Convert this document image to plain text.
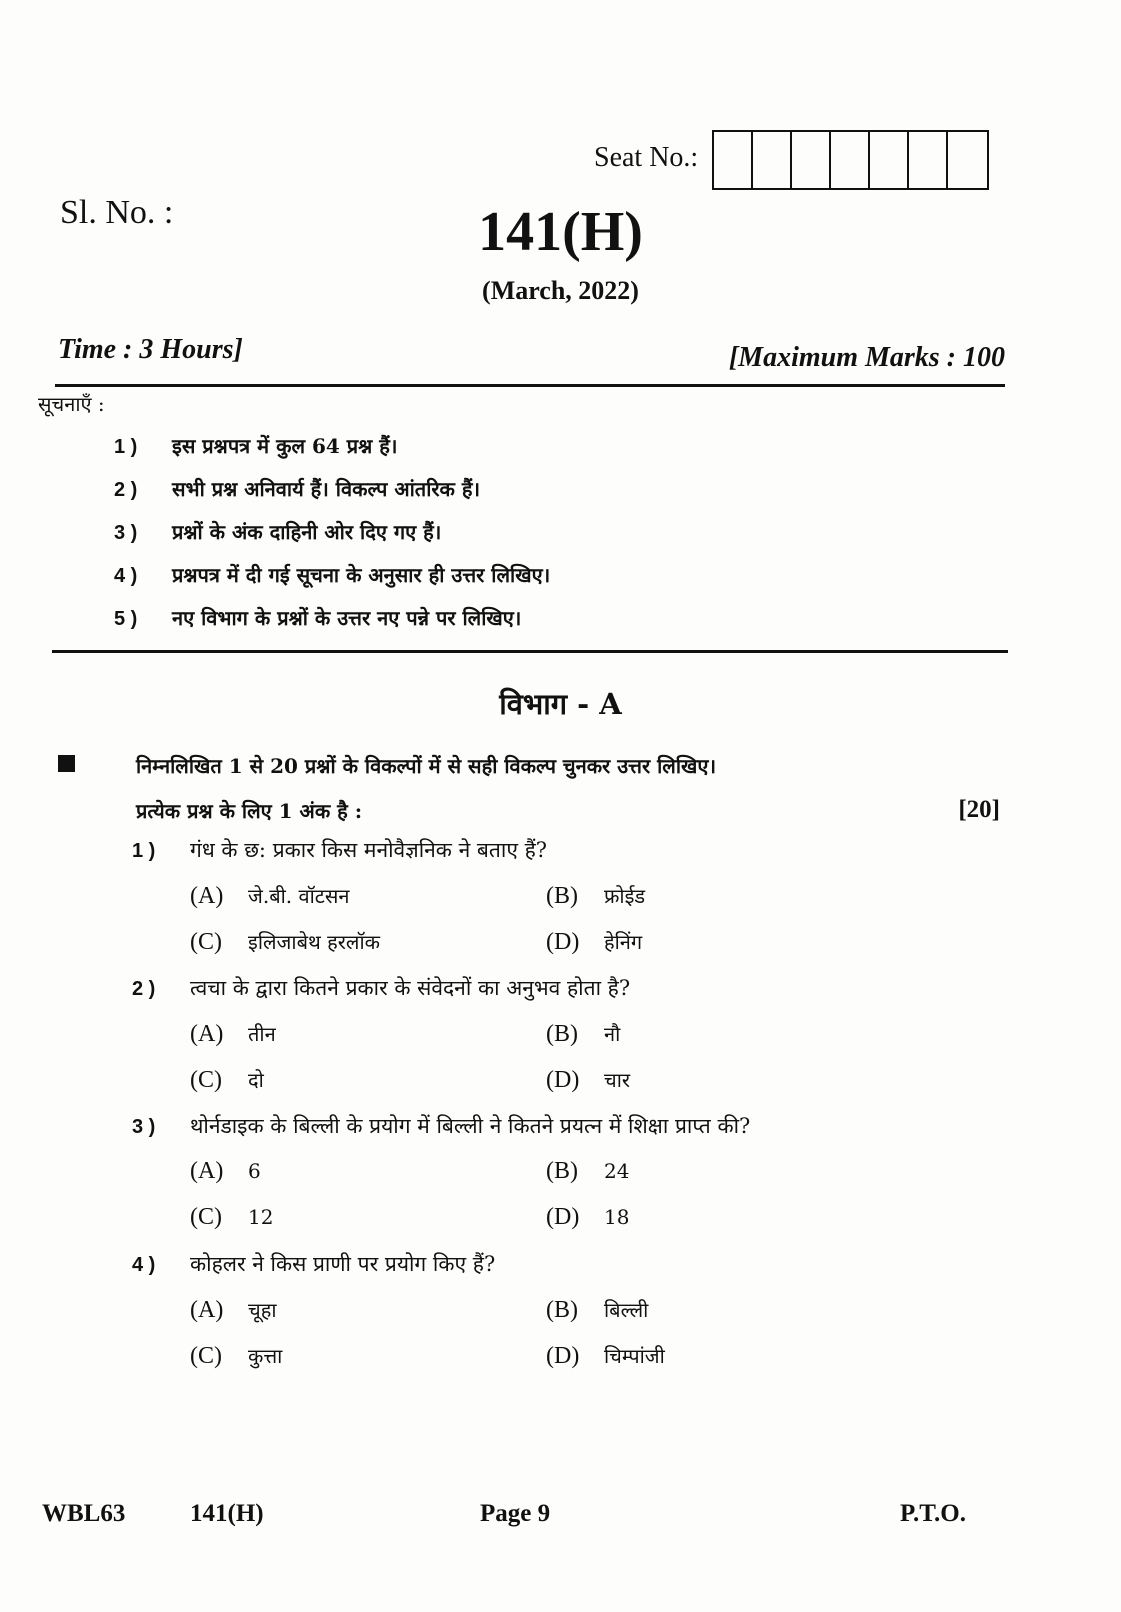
Seat No.:
Sl. No. :	141(H)
(March, 2022)
Time : 3 Hours]	[Maximum Marks : 100
सूचनाएँ :
1 )	इस प्रश्नपत्र में कुल 64 प्रश्न हैं।
2 )	सभी प्रश्न अनिवार्य हैं। विकल्प आंतरिक हैं।
3 )	प्रश्नों के अंक दाहिनी ओर दिए गए हैं।
4 )	प्रश्नपत्र में दी गई सूचना के अनुसार ही उत्तर लिखिए।
5 )	नए विभाग के प्रश्नों के उत्तर नए पन्ने पर लिखिए।
विभाग - A
निम्नलिखित 1 से 20 प्रश्नों के विकल्पों में से सही विकल्प चुनकर उत्तर लिखिए।
प्रत्येक प्रश्न के लिए 1 अंक है :	[20]
1 )	गंध के छ: प्रकार किस मनोवैज्ञनिक ने बताए हैं?
(A)	जे.बी. वॉटसन	(B)	फ्रोईड
(C)	इलिजाबेथ हरलॉक	(D)	हेनिंग
2 )	त्वचा के द्वारा कितने प्रकार के संवेदनों का अनुभव होता है?
(A)	तीन	(B)	नौ
(C)	दो	(D)	चार
3 )	थोर्नडाइक के बिल्ली के प्रयोग में बिल्ली ने कितने प्रयत्न में शिक्षा प्राप्त की?
(A)	6	(B)	24
(C)	12	(D)	18
4 )	कोहलर ने किस प्राणी पर प्रयोग किए हैं?
(A)	चूहा	(B)	बिल्ली
(C)	कुत्ता	(D)	चिम्पांजी
WBL63	141(H)	Page 9	P.T.O.
